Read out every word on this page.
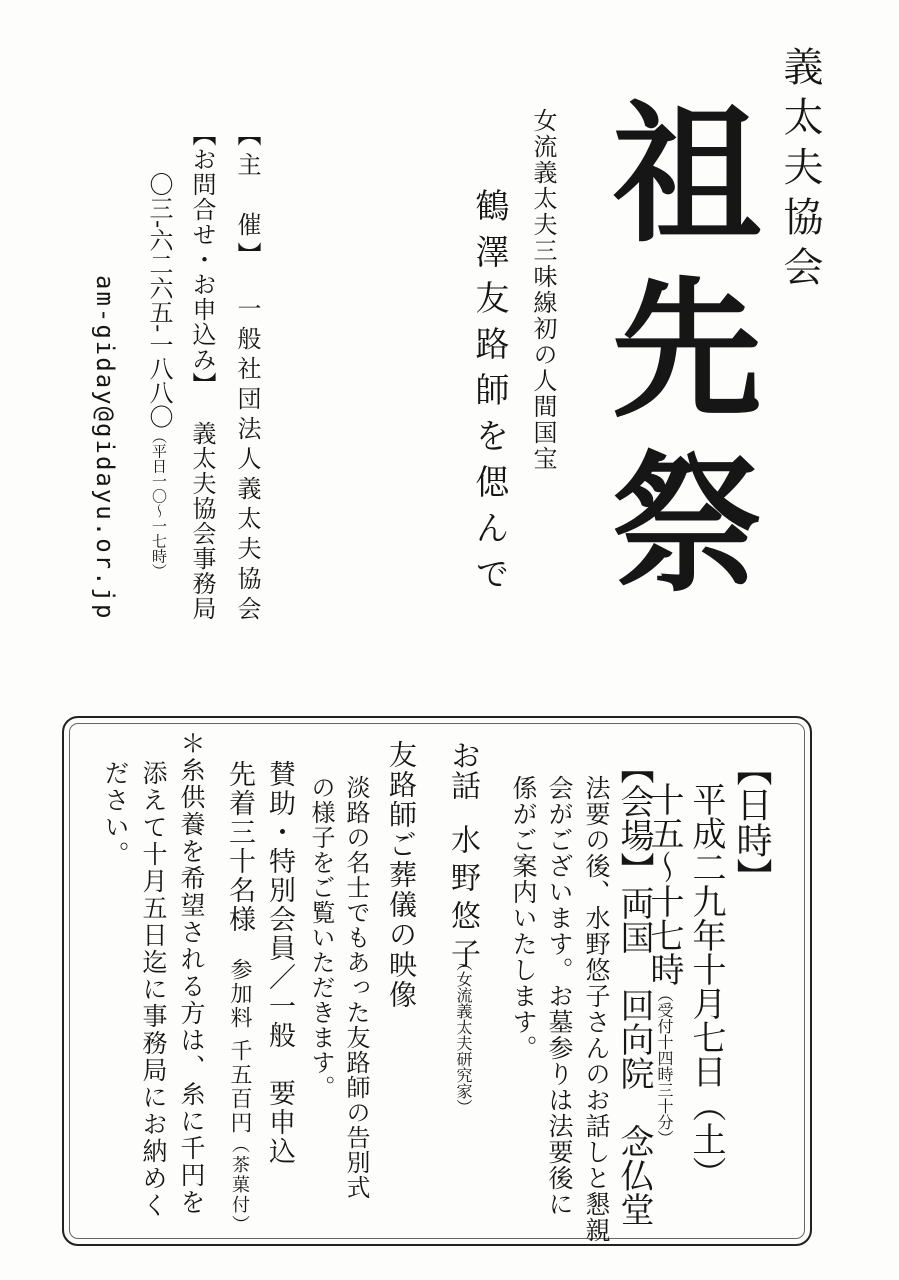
義太夫協会
祖先祭
女流義太夫三味線初の人間国宝
鶴澤友路師を偲んで
【主　催】一般社団法人義太夫協会
【お問合せ・お申込み】義太夫協会事務局
〇三-六二六五-一八八〇（平日一〇〜一七時）
am-giday@gidayu.or.jp
【日時】
平成二九年十月七日（土）
十五〜十七時（受付十四時三十分）
【会場】両国　回向院　念仏堂
法要の後、水野悠子さんのお話しと懇親
会がございます。お墓参りは法要後に
係がご案内いたします。
お話水野悠子
（女流義太夫研究家）
友路師ご葬儀の映像
淡路の名士でもあった友路師の告別式
の様子をご覧いただきます。
賛助・特別会員／一般　要申込
先着三十名様参加料 千五百円（茶菓付）
＊糸供養を希望される方は、糸に千円を
添えて十月五日迄に事務局にお納めく
ださい。
